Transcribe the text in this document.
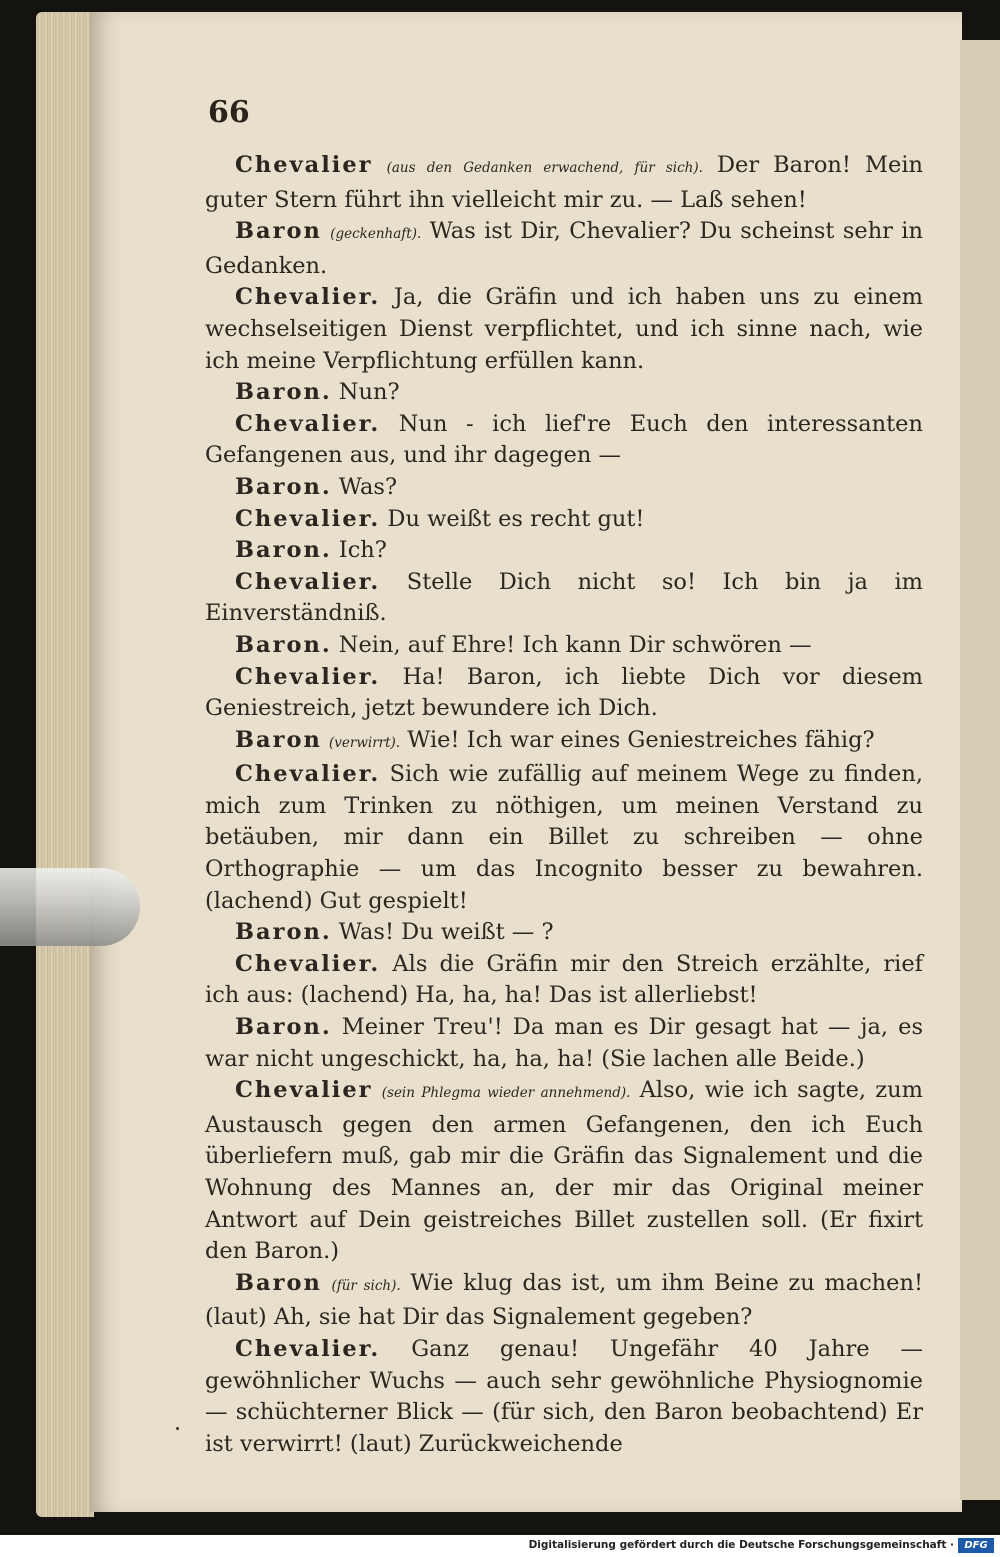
66

Chevalier (aus den Gedanken erwachend, für sich). Der Baron! Mein guter Stern führt ihn vielleicht mir zu. — Laß sehen!

Baron (geckenhaft). Was ist Dir, Chevalier? Du scheinst sehr in Gedanken.

Chevalier. Ja, die Gräfin und ich haben uns zu einem wechselseitigen Dienst verpflichtet, und ich sinne nach, wie ich meine Verpflichtung erfüllen kann.

Baron. Nun?

Chevalier. Nun - ich lief're Euch den interessanten Gefangenen aus, und ihr dagegen —

Baron. Was?

Chevalier. Du weißt es recht gut!

Baron. Ich?

Chevalier. Stelle Dich nicht so! Ich bin ja im Einverständniß.

Baron. Nein, auf Ehre! Ich kann Dir schwören —

Chevalier. Ha! Baron, ich liebte Dich vor diesem Geniestreich, jetzt bewundere ich Dich.

Baron (verwirrt). Wie! Ich war eines Geniestreiches fähig?

Chevalier. Sich wie zufällig auf meinem Wege zu finden, mich zum Trinken zu nöthigen, um meinen Verstand zu betäuben, mir dann ein Billet zu schreiben — ohne Orthographie — um das Incognito besser zu bewahren. (lachend) Gut gespielt!

Baron. Was! Du weißt — ?

Chevalier. Als die Gräfin mir den Streich erzählte, rief ich aus: (lachend) Ha, ha, ha! Das ist allerliebst!

Baron. Meiner Treu'! Da man es Dir gesagt hat — ja, es war nicht ungeschickt, ha, ha, ha! (Sie lachen alle Beide.)

Chevalier (sein Phlegma wieder annehmend). Also, wie ich sagte, zum Austausch gegen den armen Gefangenen, den ich Euch überliefern muß, gab mir die Gräfin das Signalement und die Wohnung des Mannes an, der mir das Original meiner Antwort auf Dein geistreiches Billet zustellen soll. (Er fixirt den Baron.)

Baron (für sich). Wie klug das ist, um ihm Beine zu machen! (laut) Ah, sie hat Dir das Signalement gegeben?

Chevalier. Ganz genau! Ungefähr 40 Jahre — gewöhnlicher Wuchs — auch sehr gewöhnliche Physiognomie — schüchterner Blick — (für sich, den Baron beobachtend) Er ist verwirrt! (laut) Zurückweichende

Digitalisierung gefördert durch die Deutsche Forschungsgemeinschaft ·	DFG
